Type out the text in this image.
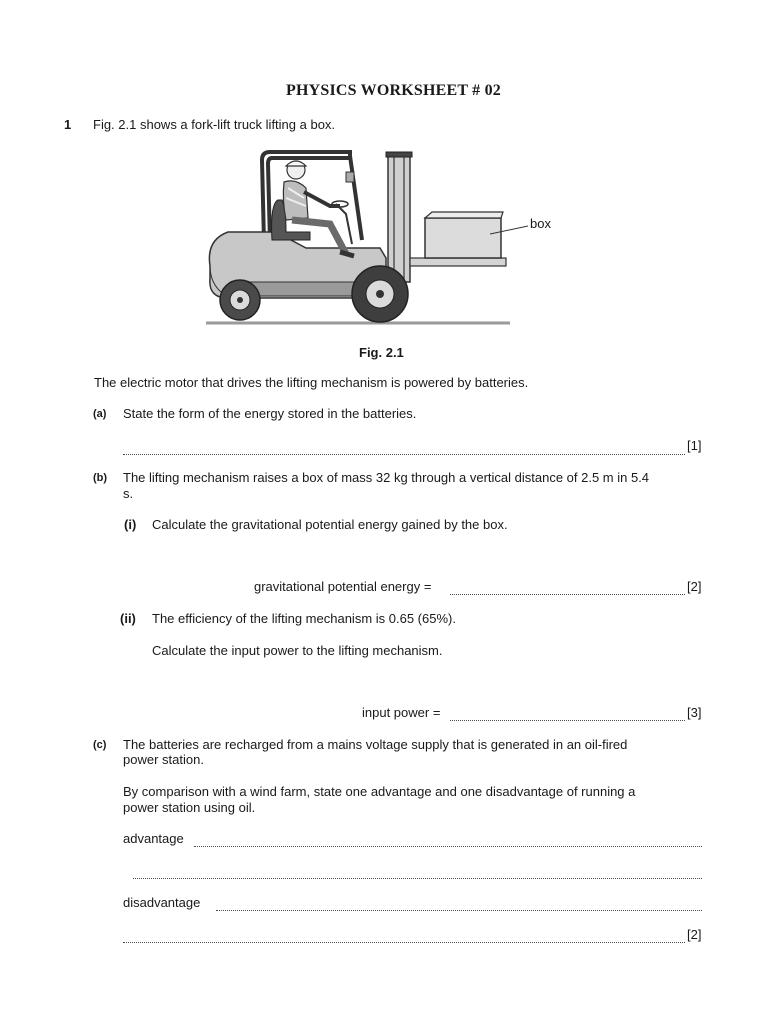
PHYSICS WORKSHEET # 02
1 Fig. 2.1 shows a fork-lift truck lifting a box.
box
Fig. 2.1
The electric motor that drives the lifting mechanism is powered by batteries.
(a) State the form of the energy stored in the batteries.
[1]
(b) The lifting mechanism raises a box of mass 32 kg through a vertical distance of 2.5 m in 5.4
s.
(i) Calculate the gravitational potential energy gained by the box.
gravitational potential energy =	[2]
(ii) The efficiency of the lifting mechanism is 0.65 (65%).
Calculate the input power to the lifting mechanism.
input power =	[3]
(c) The batteries are recharged from a mains voltage supply that is generated in an oil-fired
power station.
By comparison with a wind farm, state one advantage and one disadvantage of running a
power station using oil.
advantage
disadvantage
[2]
